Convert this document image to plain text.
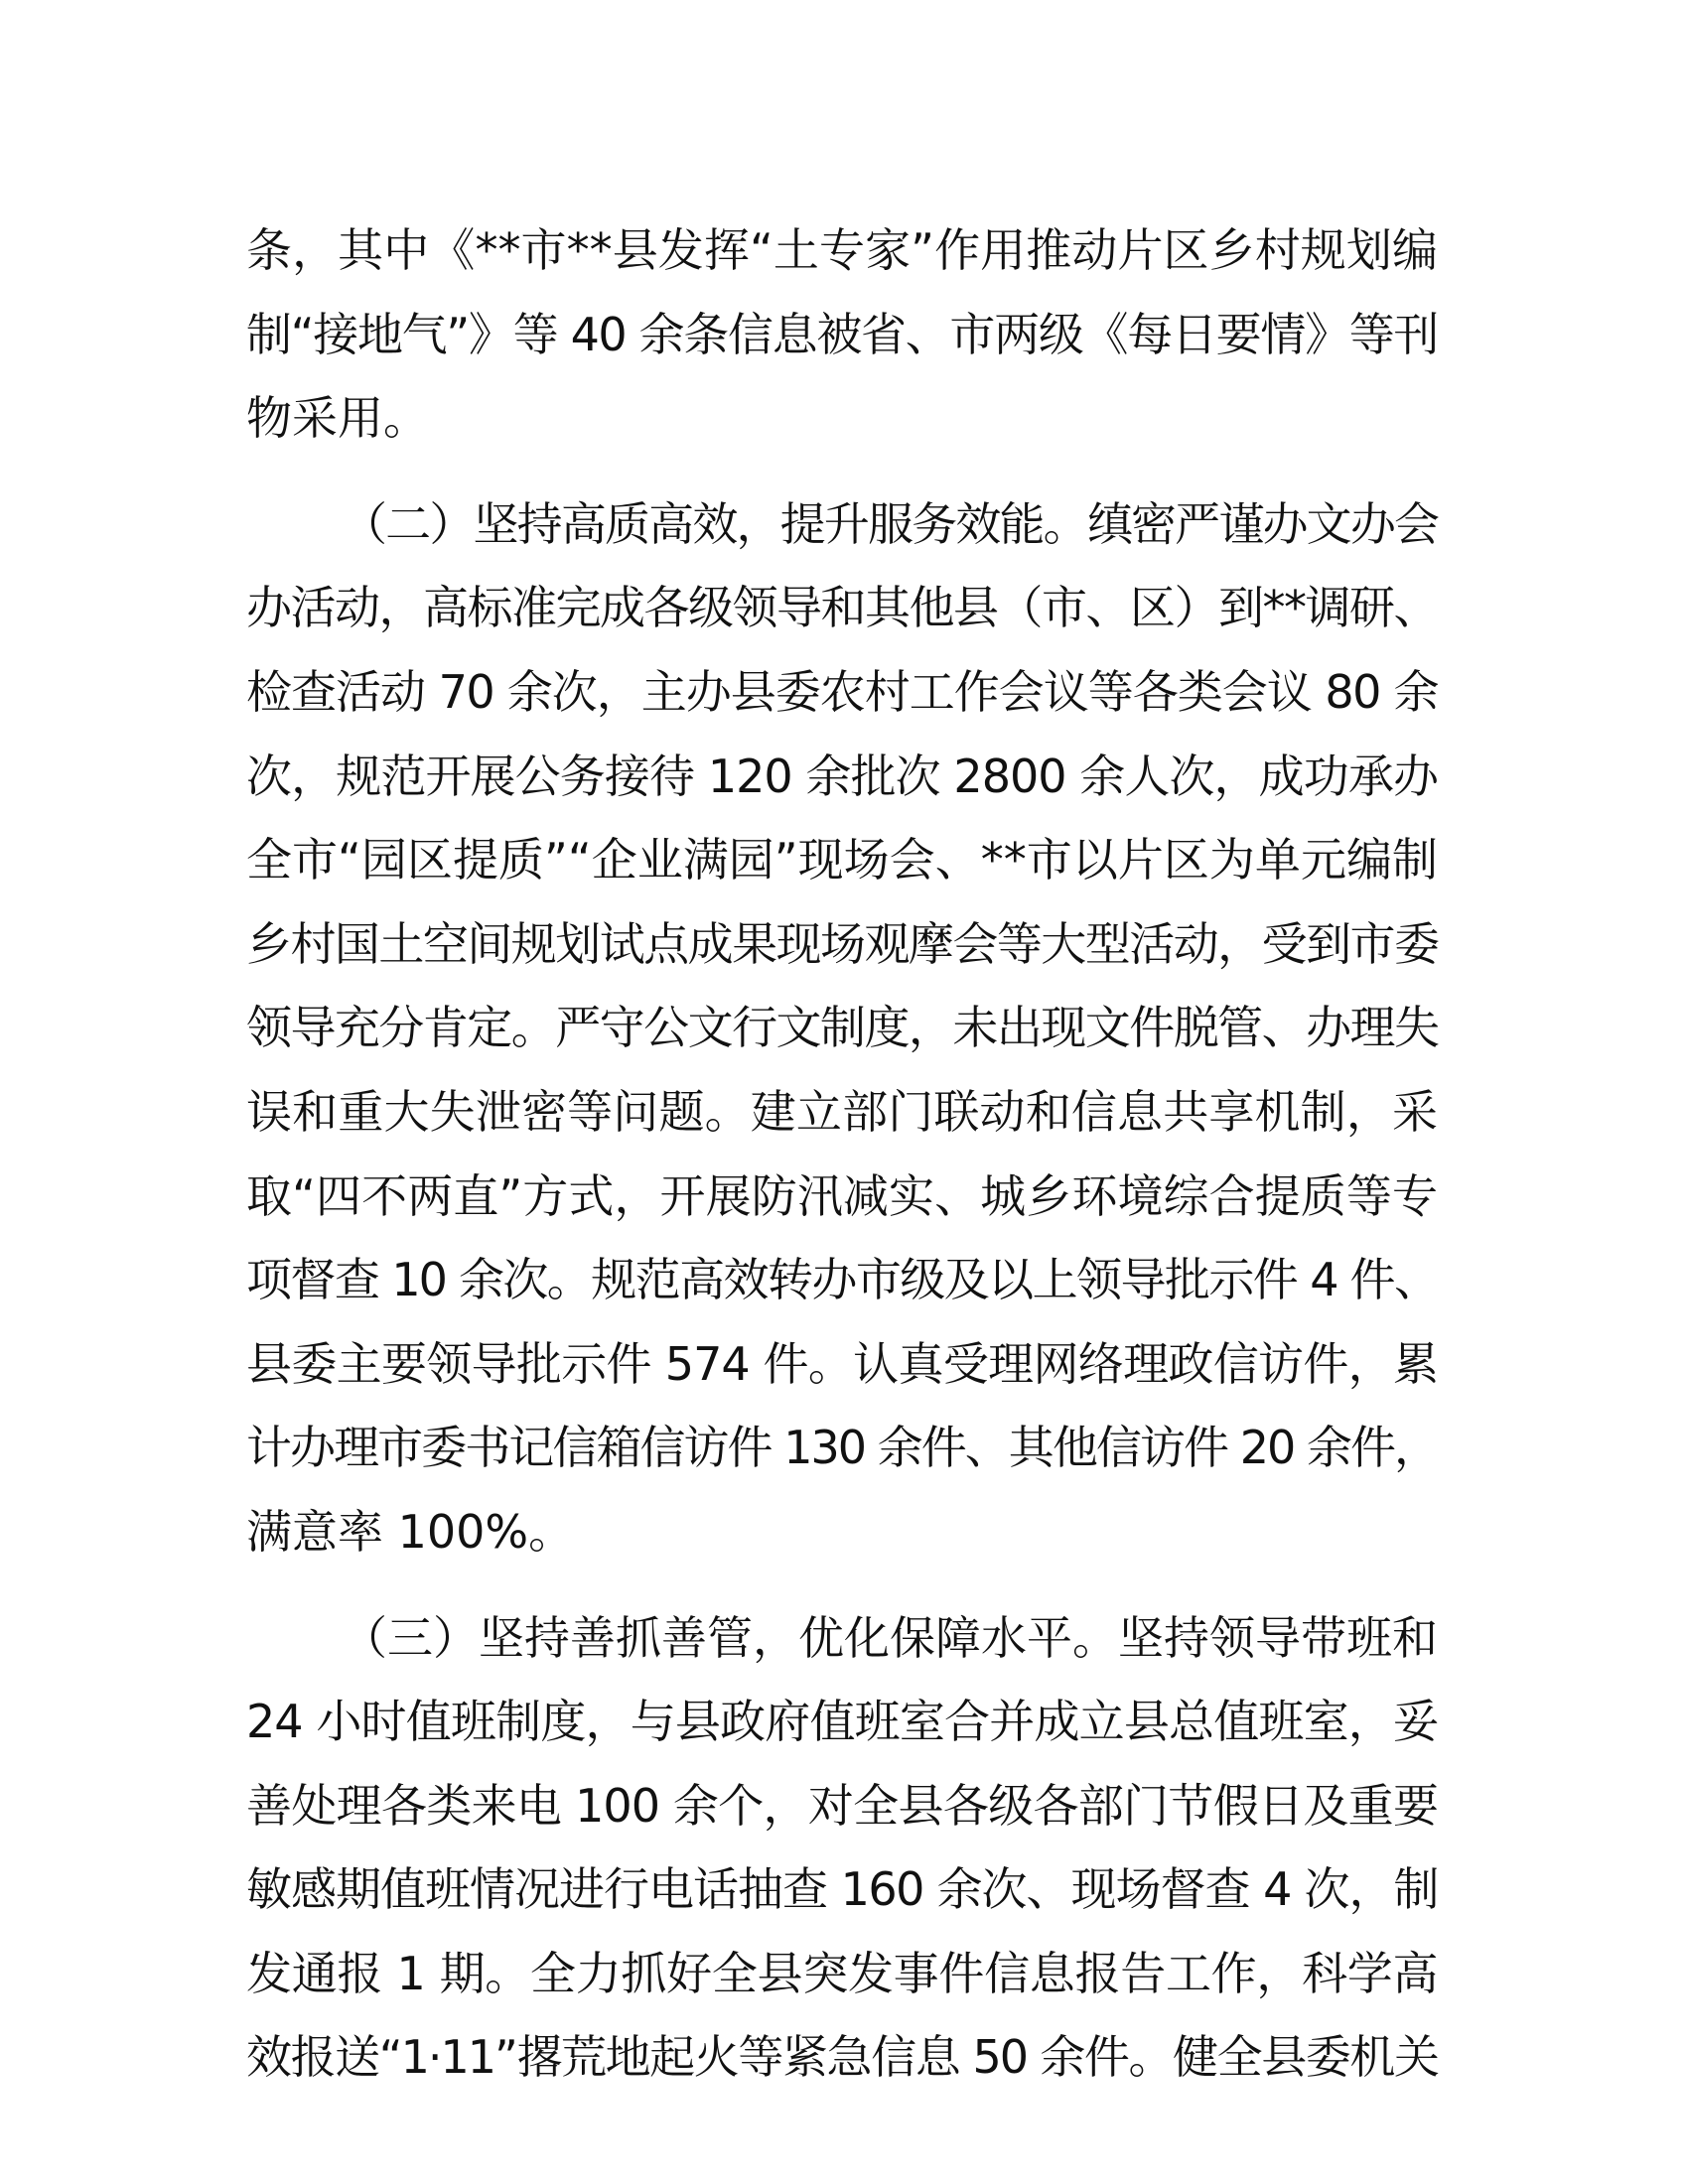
条，其中《**市**县发挥“土专家”作用推动片区乡村规划编
制“接地气”》等 40 余条信息被省、市两级《每日要情》等刊
物采用。

（二）坚持高质高效，提升服务效能。缜密严谨办文办会
办活动，高标准完成各级领导和其他县（市、区）到**调研、
检查活动 70 余次，主办县委农村工作会议等各类会议 80 余
次，规范开展公务接待 120 余批次 2800 余人次，成功承办
全市“园区提质”“企业满园”现场会、**市以片区为单元编制
乡村国土空间规划试点成果现场观摩会等大型活动，受到市委
领导充分肯定。严守公文行文制度，未出现文件脱管、办理失
误和重大失泄密等问题。建立部门联动和信息共享机制，采
取“四不两直”方式，开展防汛减实、城乡环境综合提质等专
项督查 10 余次。规范高效转办市级及以上领导批示件 4 件、
县委主要领导批示件 574 件。认真受理网络理政信访件，累
计办理市委书记信箱信访件 130 余件、其他信访件 20 余件，
满意率 100%。

（三）坚持善抓善管，优化保障水平。坚持领导带班和
24 小时值班制度，与县政府值班室合并成立县总值班室，妥
善处理各类来电 100 余个，对全县各级各部门节假日及重要
敏感期值班情况进行电话抽查 160 余次、现场督查 4 次，制
发通报 1 期。全力抓好全县突发事件信息报告工作，科学高
效报送“1·11”撂荒地起火等紧急信息 50 余件。健全县委机关
